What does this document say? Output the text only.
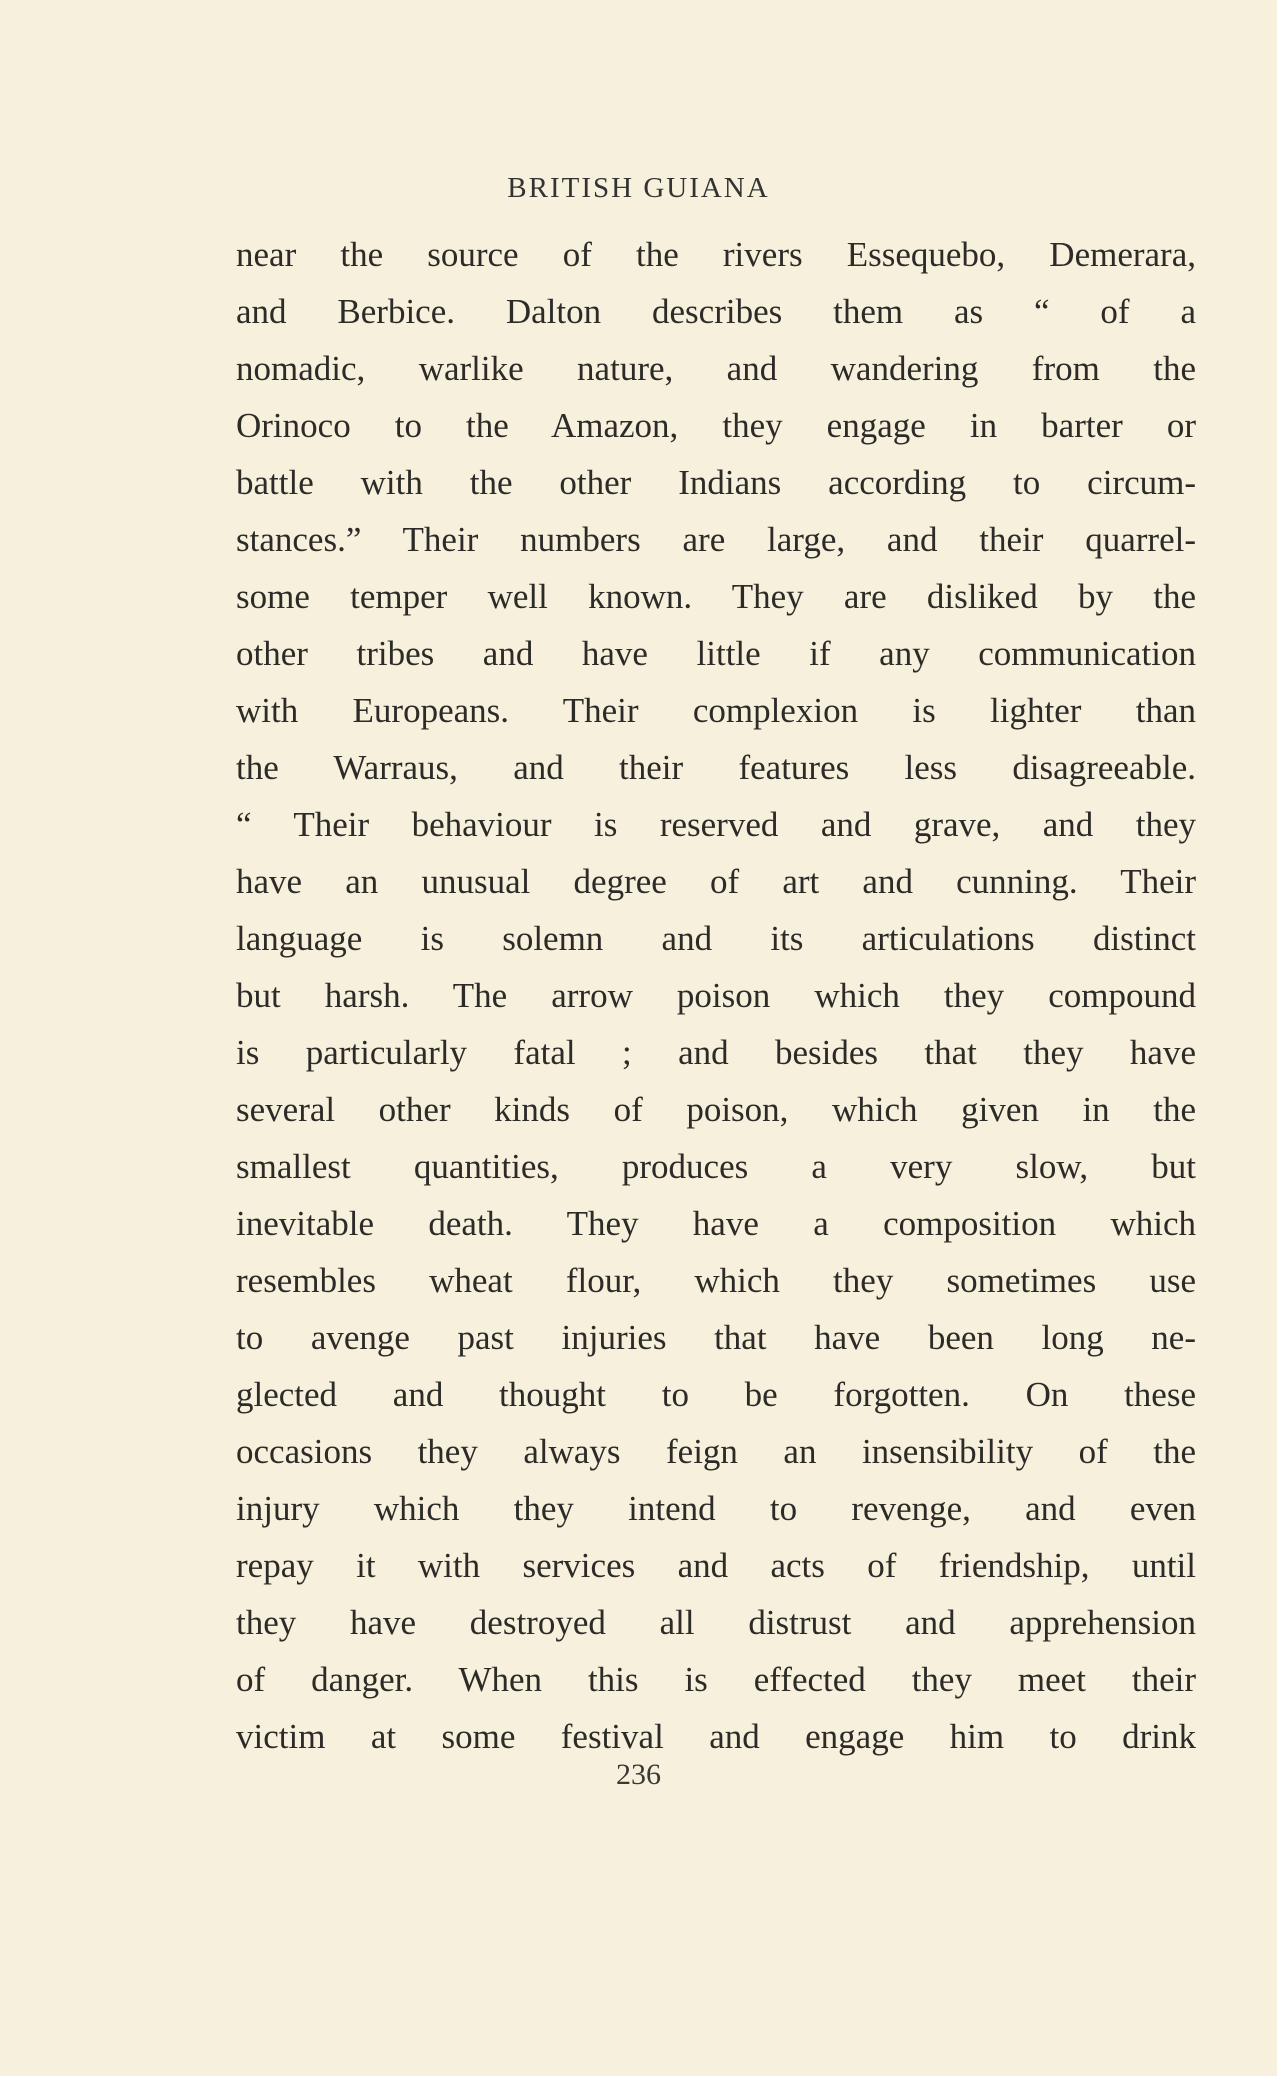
BRITISH GUIANA
near the source of the rivers Essequebo, Demerara,
and Berbice. Dalton describes them as “ of a
nomadic, warlike nature, and wandering from the
Orinoco to the Amazon, they engage in barter or
battle with the other Indians according to circum-
stances.” Their numbers are large, and their quarrel-
some temper well known. They are disliked by the
other tribes and have little if any communication
with Europeans. Their complexion is lighter than
the Warraus, and their features less disagreeable.
“ Their behaviour is reserved and grave, and they
have an unusual degree of art and cunning. Their
language is solemn and its articulations distinct
but harsh. The arrow poison which they compound
is particularly fatal ; and besides that they have
several other kinds of poison, which given in the
smallest quantities, produces a very slow, but
inevitable death. They have a composition which
resembles wheat flour, which they sometimes use
to avenge past injuries that have been long ne-
glected and thought to be forgotten. On these
occasions they always feign an insensibility of the
injury which they intend to revenge, and even
repay it with services and acts of friendship, until
they have destroyed all distrust and apprehension
of danger. When this is effected they meet their
victim at some festival and engage him to drink
236
